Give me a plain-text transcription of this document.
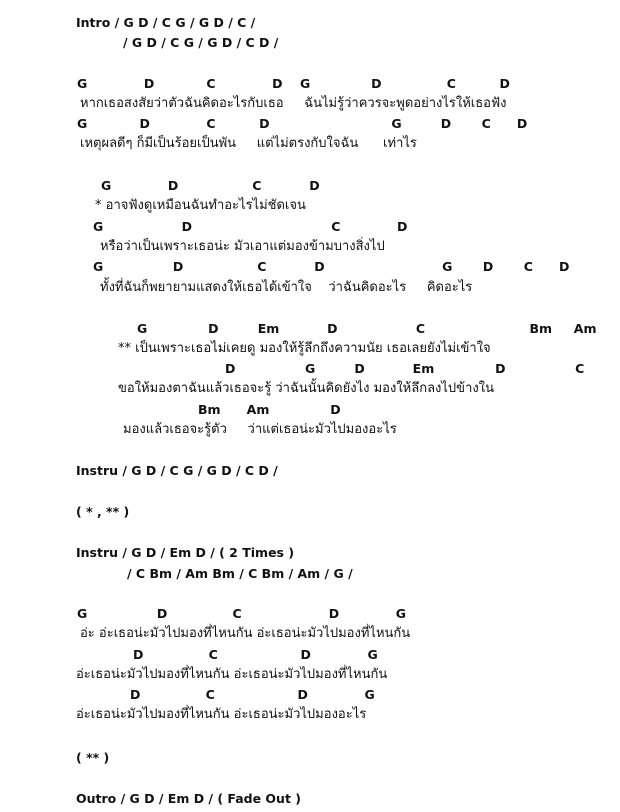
Intro / G D / C G / G D / C /
/ G D / C G / G D / C D /
G             D            C             D    G              D               C          D
หากเธอสงสัยว่าตัวฉันคิดอะไรกับเธอ     ฉันไม่รู้ว่าควรจะพูดอย่างไรให้เธอฟัง
G            D             C          D                            G         D       C      D
เหตุผลดีๆ ก็มีเป็นร้อยเป็นพัน     แต่ไม่ตรงกับใจฉัน      เท่าไร
G             D                 C           D
* อาจฟังดูเหมือนฉันทำอะไรไม่ชัดเจน
G                  D                                C             D
หรือว่าเป็นเพราะเธอน่ะ มัวเอาแต่มองข้ามบางสิ่งไป
G                D                 C           D                           G       D       C      D
ทั้งที่ฉันก็พยายามแสดงให้เธอได้เข้าใจ    ว่าฉันคิดอะไร     คิดอะไร
G              D         Em           D                  C                        Bm     Am
** เป็นเพราะเธอไม่เคยดู มองให้รู้ลึกถึงความนัย เธอเลยยังไม่เข้าใจ
D                G         D           Em              D                C
ขอให้มองตาฉันแล้วเธอจะรู้ ว่าฉันนั้นคิดยังไง มองให้ลึกลงไปข้างใน
Bm      Am              D
มองแล้วเธอจะรู้ตัว     ว่าแต่เธอน่ะมัวไปมองอะไร
Instru / G D / C G / G D / C D /
( * , ** )
Instru / G D / Em D / ( 2 Times )
/ C Bm / Am Bm / C Bm / Am / G /
G                D               C                    D             G
อ่ะ อ่ะเธอน่ะมัวไปมองที่ไหนกัน อ่ะเธอน่ะมัวไปมองที่ไหนกัน
D               C                   D             G
อ่ะเธอน่ะมัวไปมองที่ไหนกัน อ่ะเธอน่ะมัวไปมองที่ไหนกัน
D               C                   D             G
อ่ะเธอน่ะมัวไปมองที่ไหนกัน อ่ะเธอน่ะมัวไปมองอะไร
( ** )
Outro / G D / Em D / ( Fade Out )
